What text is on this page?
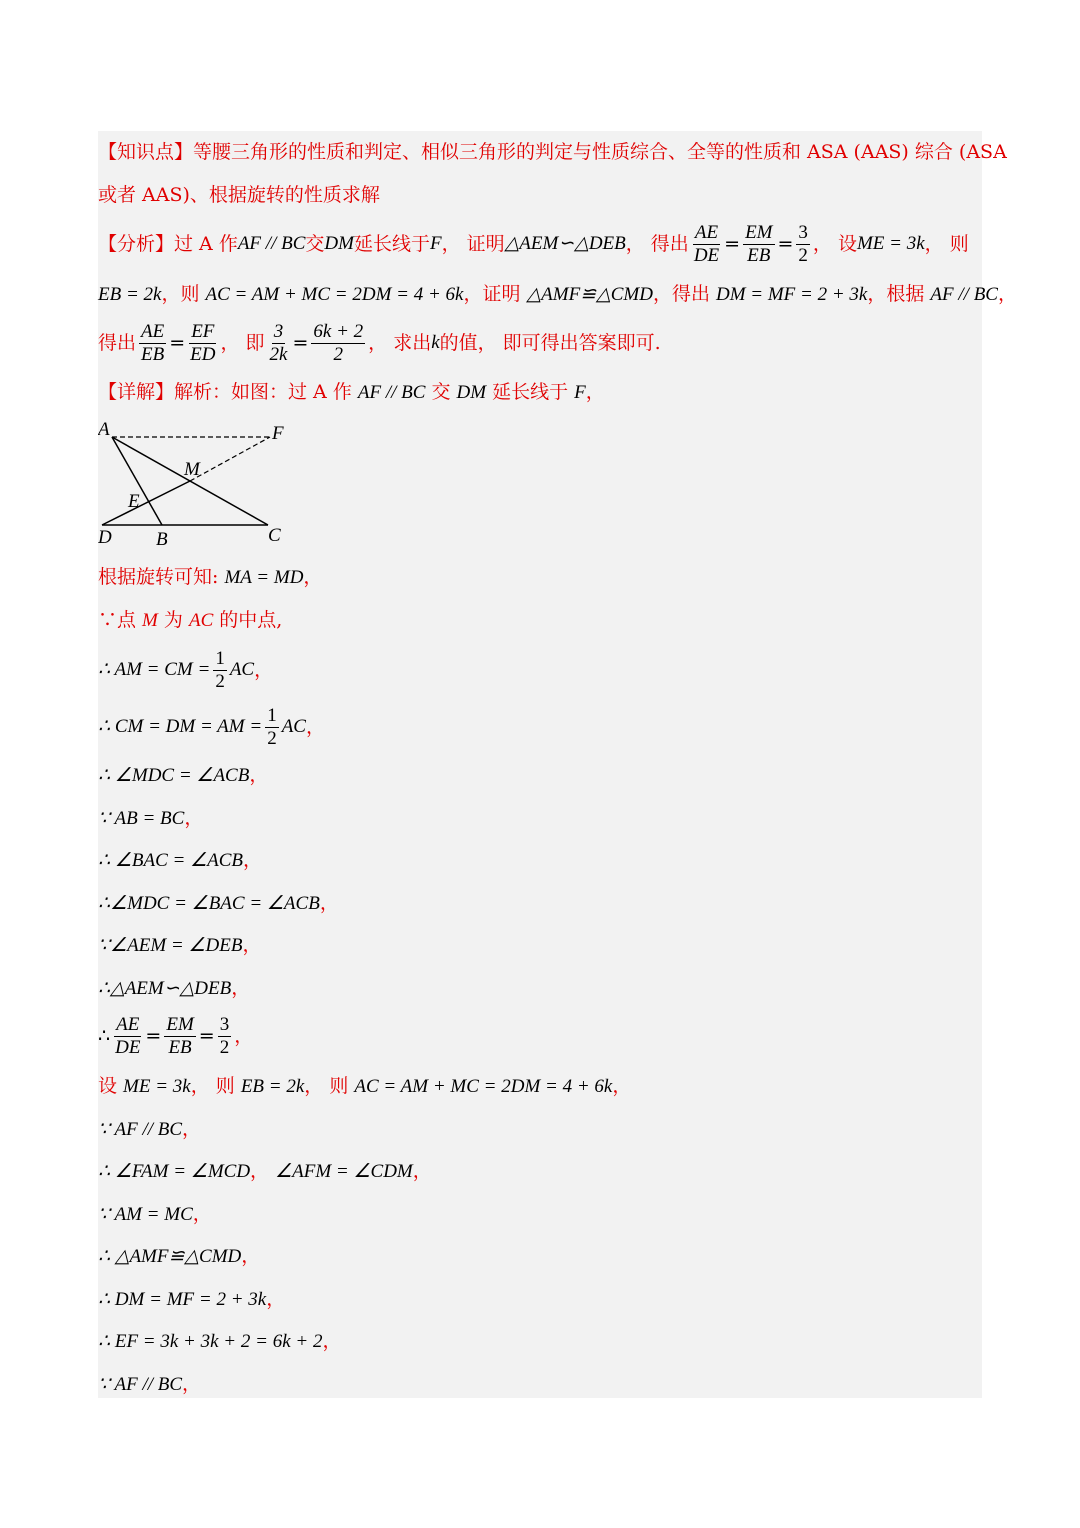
【知识点】等腰三角形的性质和判定、相似三角形的判定与性质综合、全等的性质和 ASA (AAS) 综合 (ASA
或者 AAS)、根据旋转的性质求解
【分析】 过 A 作 AF // BC 交 DM 延长线于 F ， 证明 △AEM∽△DEB ， 得出 $\frac{AE}{DE} = \frac{EM}{EB} = \frac{3}{2}$ ， 设 ME = 3k ， 则
EB = 2k，则 AC = AM + MC = 2DM = 4 + 6k，证明 △AMF≌△CMD，得出 DM = MF = 2 + 3k，根据 AF // BC，
得出 $\frac{AE}{EB} = \frac{EF}{ED}$ ， 即 $\frac{3}{2k} = \frac{6k + 2}{2}$ ， 求出 k 的值， 即可得出答案即可.
【详解】解析：如图：过 A 作 AF // BC 交 DM 延长线于 F，
A	F
M
E
D B	C
根据旋转可知: MA = MD，
∵点 M 为 AC 的中点,
∴ AM = CM = $\frac{1}{2}$ AC ，
∴ CM = DM = AM = $\frac{1}{2}$ AC ，
∴ ∠MDC = ∠ACB，
∵ AB = BC，
∴ ∠BAC = ∠ACB，
∴∠MDC = ∠BAC = ∠ACB，
∵∠AEM = ∠DEB，
∴△AEM∽△DEB，
∴ $\frac{AE}{DE} = \frac{EM}{EB} = \frac{3}{2}$ ，
设 ME = 3k， 则 EB = 2k， 则 AC = AM + MC = 2DM = 4 + 6k，
∵ AF // BC，
∴ ∠FAM = ∠MCD， ∠AFM = ∠CDM，
∵ AM = MC，
∴ △AMF≌△CMD，
∴ DM = MF = 2 + 3k，
∴ EF = 3k + 3k + 2 = 6k + 2，
∵ AF // BC，
